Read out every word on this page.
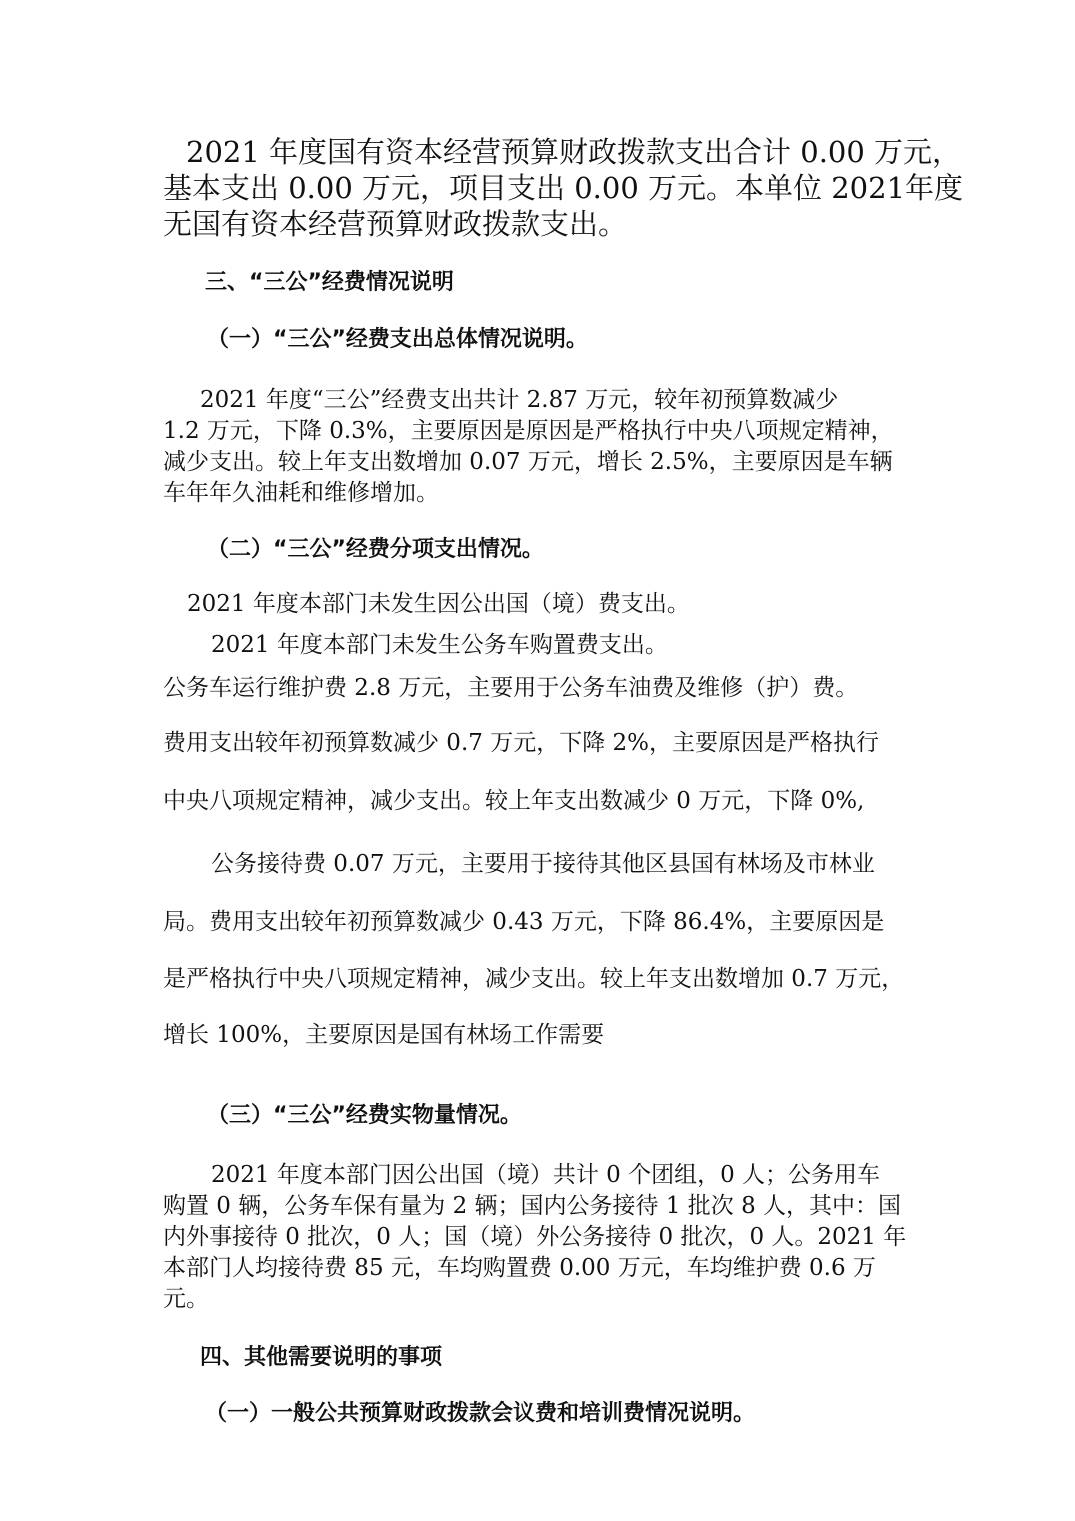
2021 年度国有资本经营预算财政拨款支出合计 0.00 万元，

基本支出 0.00 万元，项目支出 0.00 万元。本单位 2021年度

无国有资本经营预算财政拨款支出。

三、“三公”经费情况说明
（一）“三公”经费支出总体情况说明。

2021 年度“三公”经费支出共计 2.87 万元，较年初预算数减少

1.2 万元，下降 0.3%，主要原因是原因是严格执行中央八项规定精神，

减少支出。较上年支出数增加 0.07 万元，增长 2.5%，主要原因是车辆

车年年久油耗和维修增加。

（二）“三公”经费分项支出情况。

2021 年度本部门未发生因公出国（境）费支出。

2021 年度本部门未发生公务车购置费支出。

公务车运行维护费 2.8 万元，主要用于公务车油费及维修（护）费。

费用支出较年初预算数减少 0.7 万元，下降 2%，主要原因是严格执行

中央八项规定精神，减少支出。较上年支出数减少 0 万元，下降 0%,

公务接待费 0.07 万元，主要用于接待其他区县国有林场及市林业

局。费用支出较年初预算数减少 0.43 万元，下降 86.4%，主要原因是

是严格执行中央八项规定精神，减少支出。较上年支出数增加 0.7 万元，

增长 100%，主要原因是国有林场工作需要

（三）“三公”经费实物量情况。

2021 年度本部门因公出国（境）共计 0 个团组，0 人；公务用车

购置 0 辆，公务车保有量为 2 辆；国内公务接待 1 批次 8 人，其中：国

内外事接待 0 批次，0 人；国（境）外公务接待 0 批次，0 人。2021 年

本部门人均接待费 85 元，车均购置费 0.00 万元，车均维护费 0.6 万

元。

四、其他需要说明的事项
（一）一般公共预算财政拨款会议费和培训费情况说明。
